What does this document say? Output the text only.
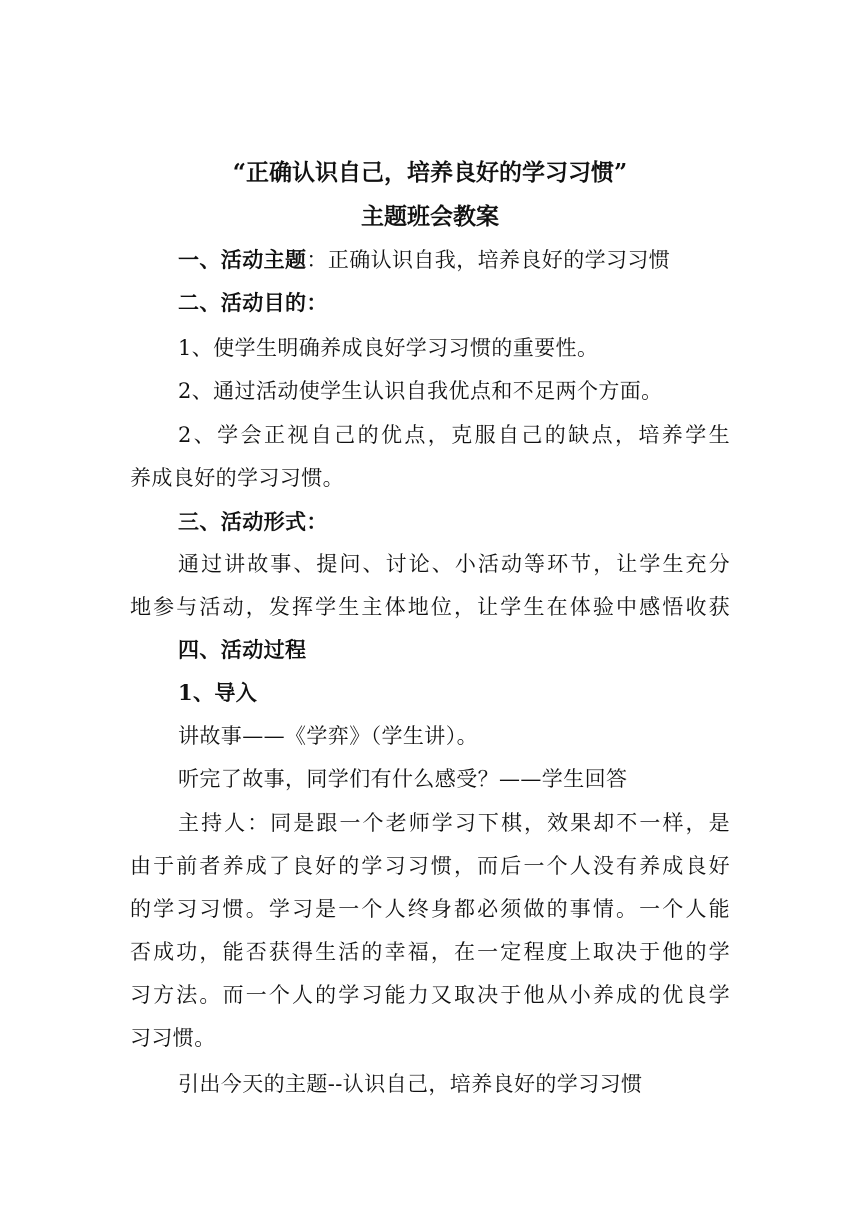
“正确认识自己，培养良好的学习习惯”
主题班会教案
一、活动主题：正确认识自我，培养良好的学习习惯
二、活动目的：
1、使学生明确养成良好学习习惯的重要性。
2、通过活动使学生认识自我优点和不足两个方面。
2、学会正视自己的优点，克服自己的缺点，培养学生
养成良好的学习习惯。
三、活动形式：
通过讲故事、提问、讨论、小活动等环节，让学生充分
地参与活动，发挥学生主体地位，让学生在体验中感悟收获
四、活动过程
1、导入
讲故事——《学弈》（学生讲）。
听完了故事，同学们有什么感受？——学生回答
主持人：同是跟一个老师学习下棋，效果却不一样，是
由于前者养成了良好的学习习惯，而后一个人没有养成良好
的学习习惯。学习是一个人终身都必须做的事情。一个人能
否成功，能否获得生活的幸福，在一定程度上取决于他的学
习方法。而一个人的学习能力又取决于他从小养成的优良学
习习惯。
引出今天的主题--认识自己，培养良好的学习习惯
